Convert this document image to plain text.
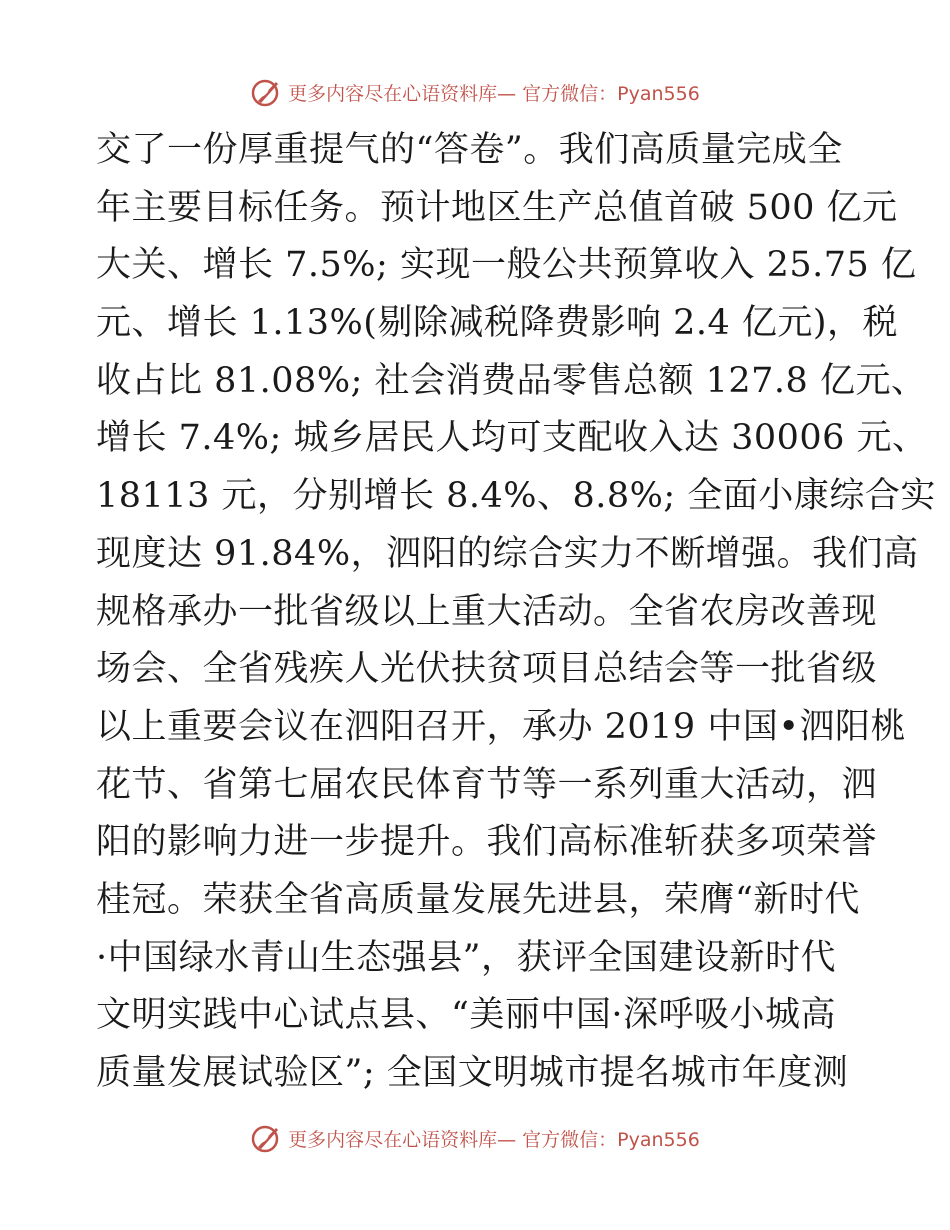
更多内容尽在心语资料库— 官方微信：Pyan556
交了一份厚重提气的“答卷”。我们高质量完成全
年主要目标任务。预计地区生产总值首破 500 亿元
大关、增长 7.5%; 实现一般公共预算收入 25.75 亿
元、增长 1.13%(剔除减税降费影响 2.4 亿元)，税
收占比 81.08%; 社会消费品零售总额 127.8 亿元、
增长 7.4%; 城乡居民人均可支配收入达 30006 元、
18113 元，分别增长 8.4%、8.8%; 全面小康综合实
现度达 91.84%，泗阳的综合实力不断增强。我们高
规格承办一批省级以上重大活动。全省农房改善现
场会、全省残疾人光伏扶贫项目总结会等一批省级
以上重要会议在泗阳召开，承办 2019 中国•泗阳桃
花节、省第七届农民体育节等一系列重大活动，泗
阳的影响力进一步提升。我们高标准斩获多项荣誉
桂冠。荣获全省高质量发展先进县，荣膺“新时代
·中国绿水青山生态强县”，获评全国建设新时代
文明实践中心试点县、“美丽中国·深呼吸小城高
质量发展试验区”; 全国文明城市提名城市年度测
更多内容尽在心语资料库— 官方微信：Pyan556
